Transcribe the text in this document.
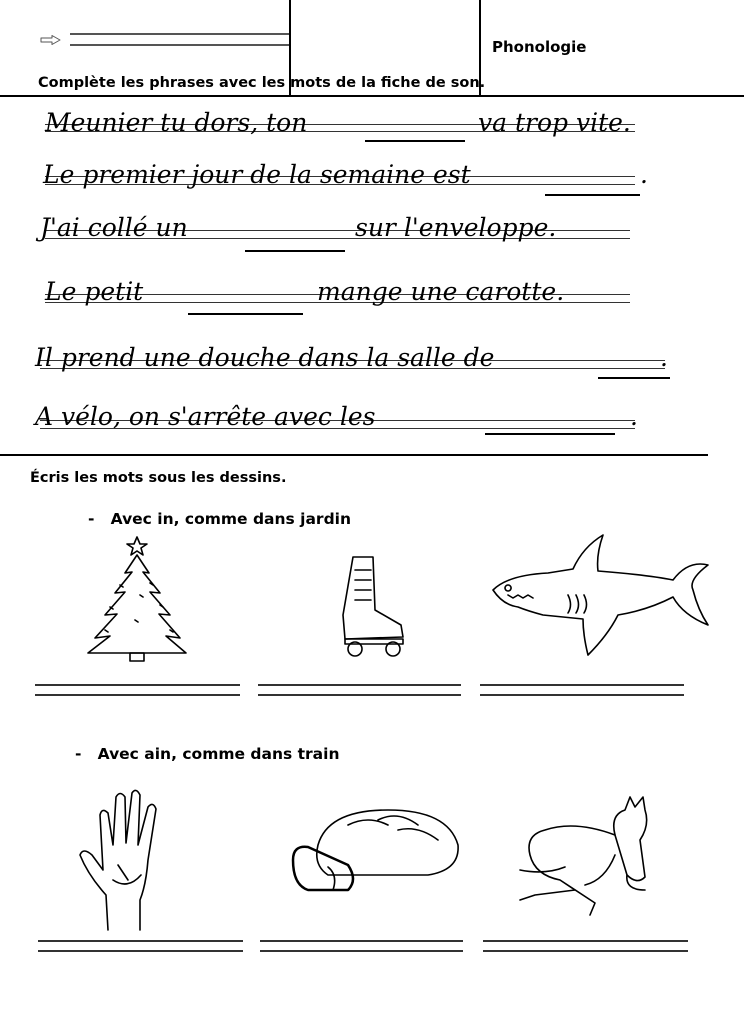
Phonologie
Complète les phrases avec les mots de la fiche de son.
Meunier tu dors, ton	va trop vite.
Le premier jour de la semaine est	.
J'ai collé un	sur l'enveloppe.
Le petit	mange une carotte.
Il prend une douche dans la salle de	.
A vélo, on s'arrête avec les	.
Écris les mots sous les dessins.
-   Avec in, comme dans jardin
-   Avec ain, comme dans train
